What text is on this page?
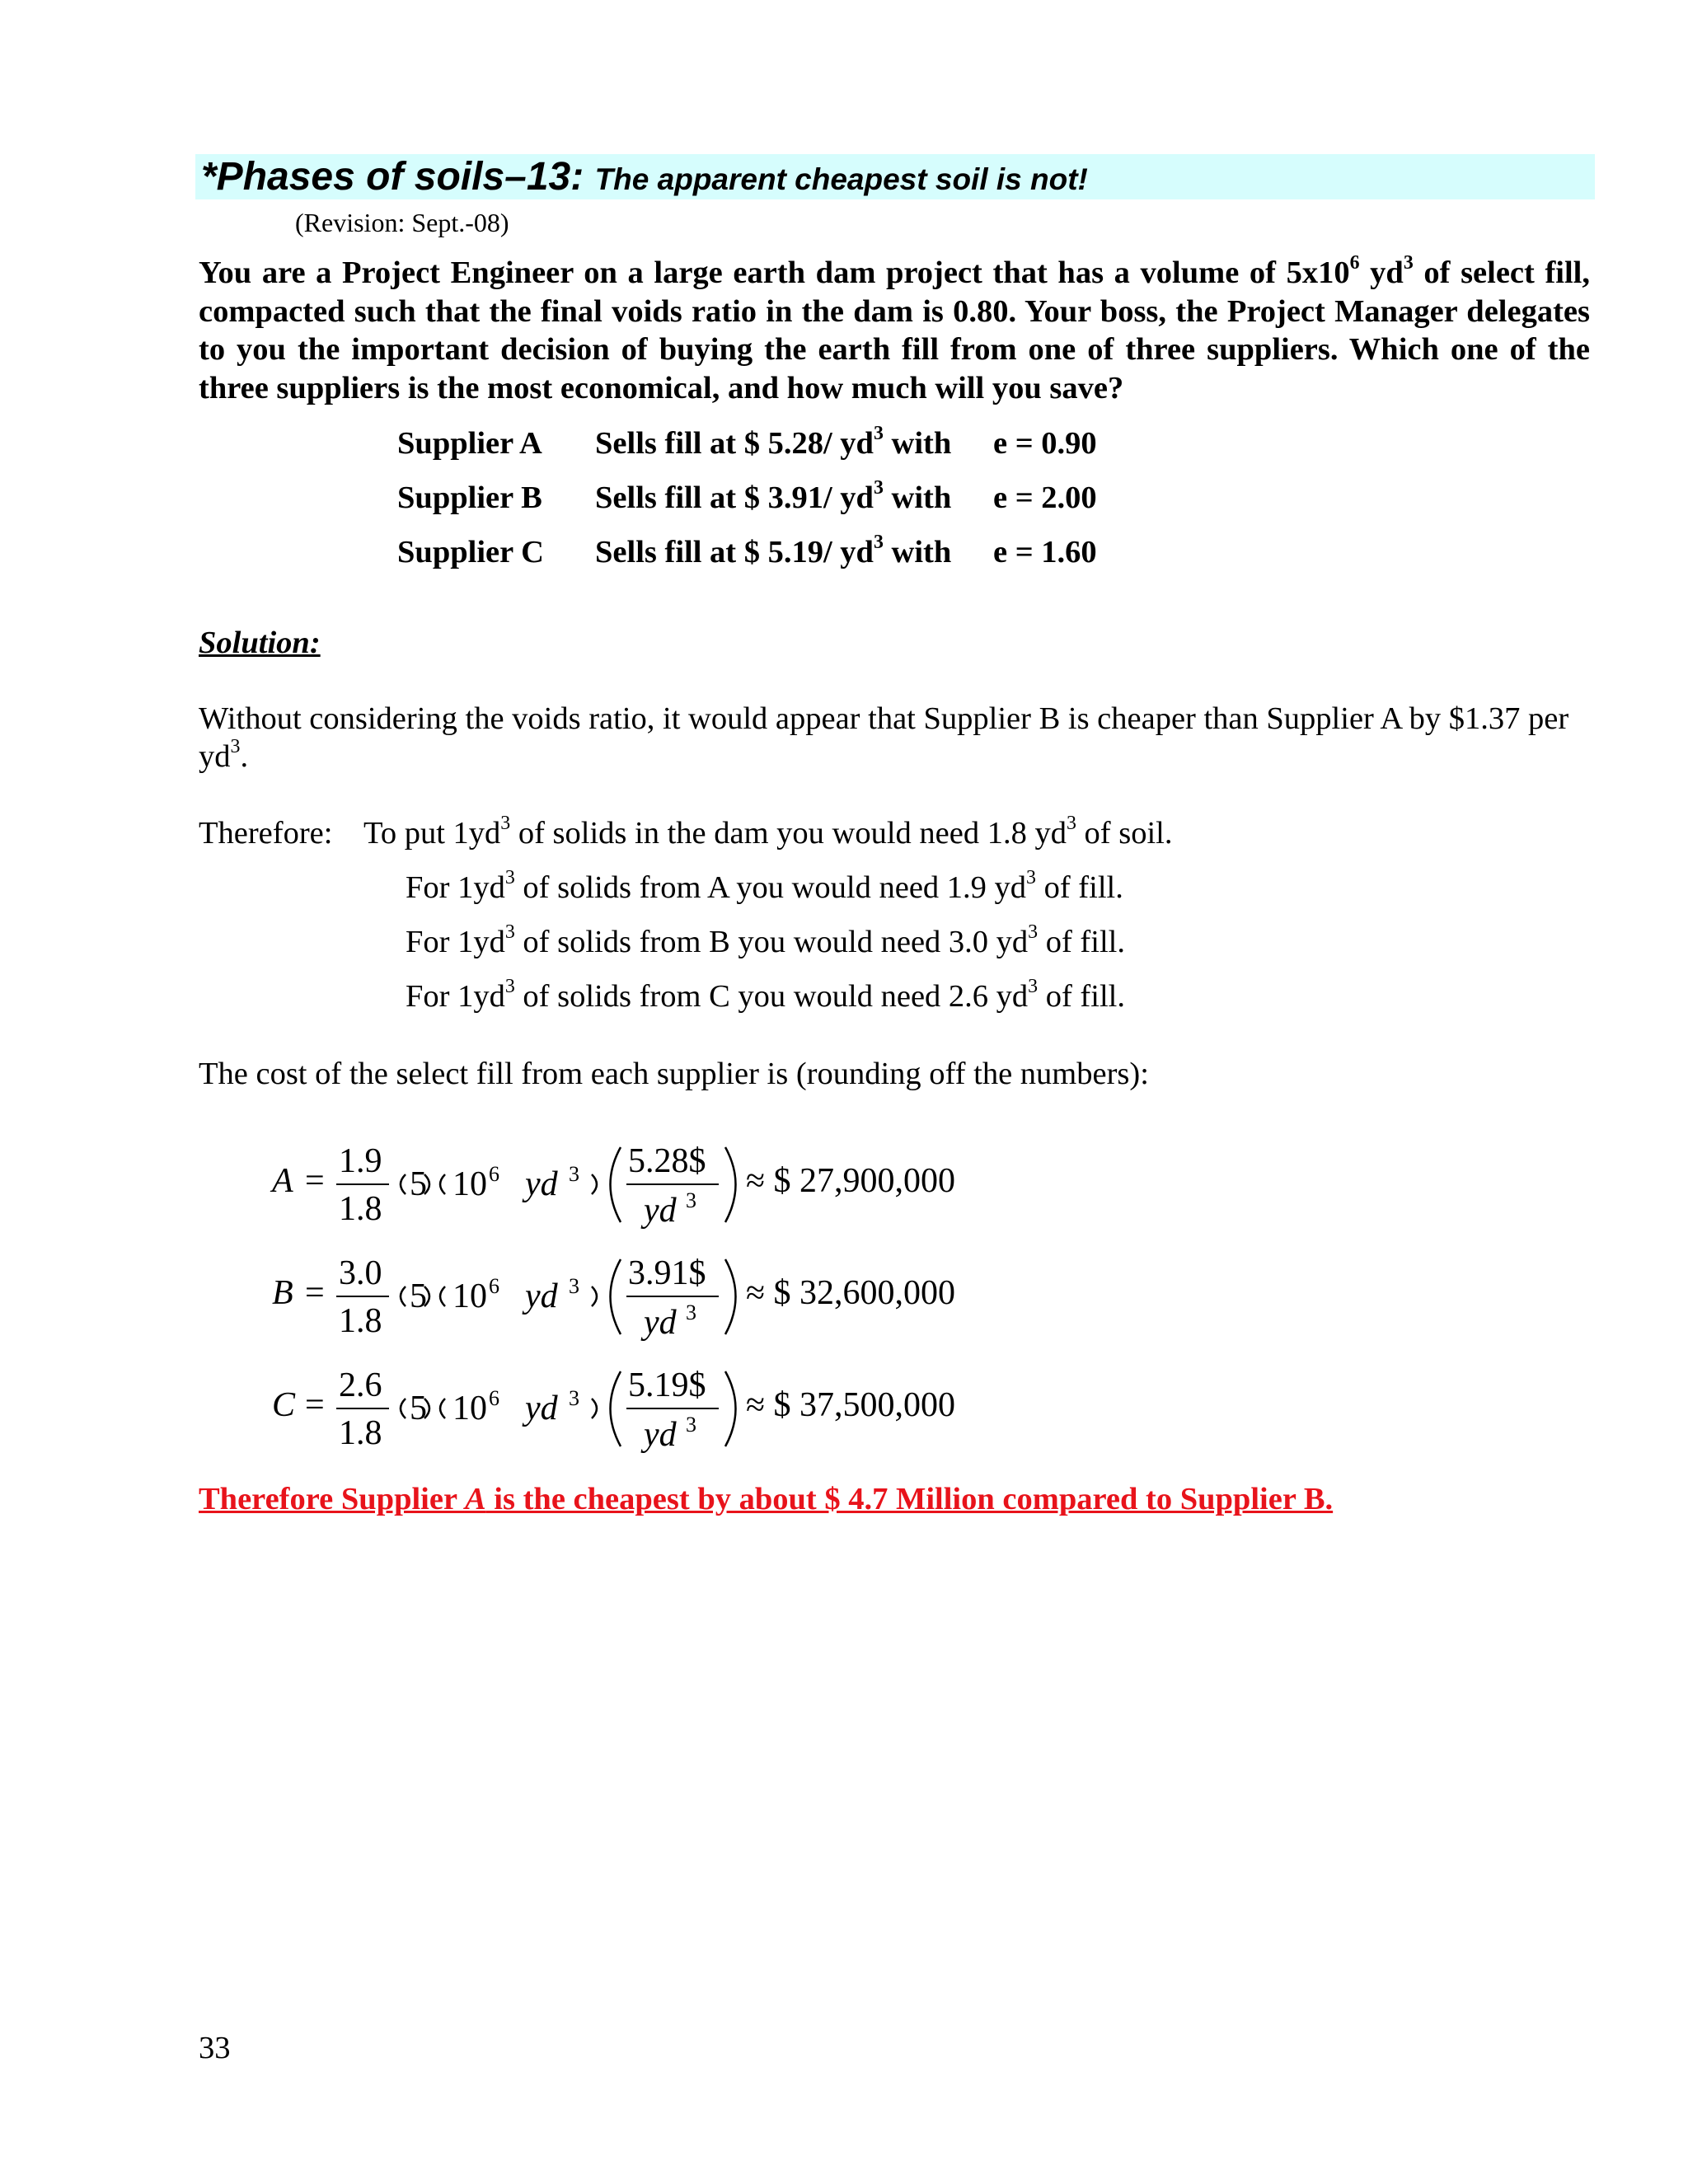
*Phases of soils–13: The apparent cheapest soil is not!
(Revision: Sept.-08)
You are a Project Engineer on a large earth dam project that has a volume of $5x10^6$ $yd^3$ of select fill, compacted such that the final voids ratio in the dam is 0.80. Your boss, the Project Manager delegates to you the important decision of buying the earth fill from one of three suppliers. Which one of the three suppliers is the most economical, and how much will you save?
Supplier A Sells fill at $ 5.28/ $yd^3$ with e = 0.90
Supplier B Sells fill at $ 3.91/ $yd^3$ with e = 2.00
Supplier C Sells fill at $ 5.19/ $yd^3$ with e = 1.60
Solution:
Without considering the voids ratio, it would appear that Supplier B is cheaper than Supplier A by $1.37 per $yd^3$.
Therefore: To put $1yd^3$ of solids in the dam you would need 1.8 $yd^3$ of soil.
For $1yd^3$ of solids from A you would need 1.9 $yd^3$ of fill.
For $1yd^3$ of solids from B you would need 3.0 $yd^3$ of fill.
For $1yd^3$ of solids from C you would need 2.6 $yd^3$ of fill.
The cost of the select fill from each supplier is (rounding off the numbers):
A =
1.9
1.8
5 10 6 yd 3 5.28$
yd 3
≈ $ 27,900,000
B =
3.0
1.8
5 10 6 yd 3 3.91$
yd 3
≈ $ 32,600,000
C =
2.6
1.8
5 10 6 yd 3 5.19$
yd 3
≈ $ 37,500,000
Therefore Supplier A is the cheapest by about $ 4.7 Million compared to Supplier B.
33
